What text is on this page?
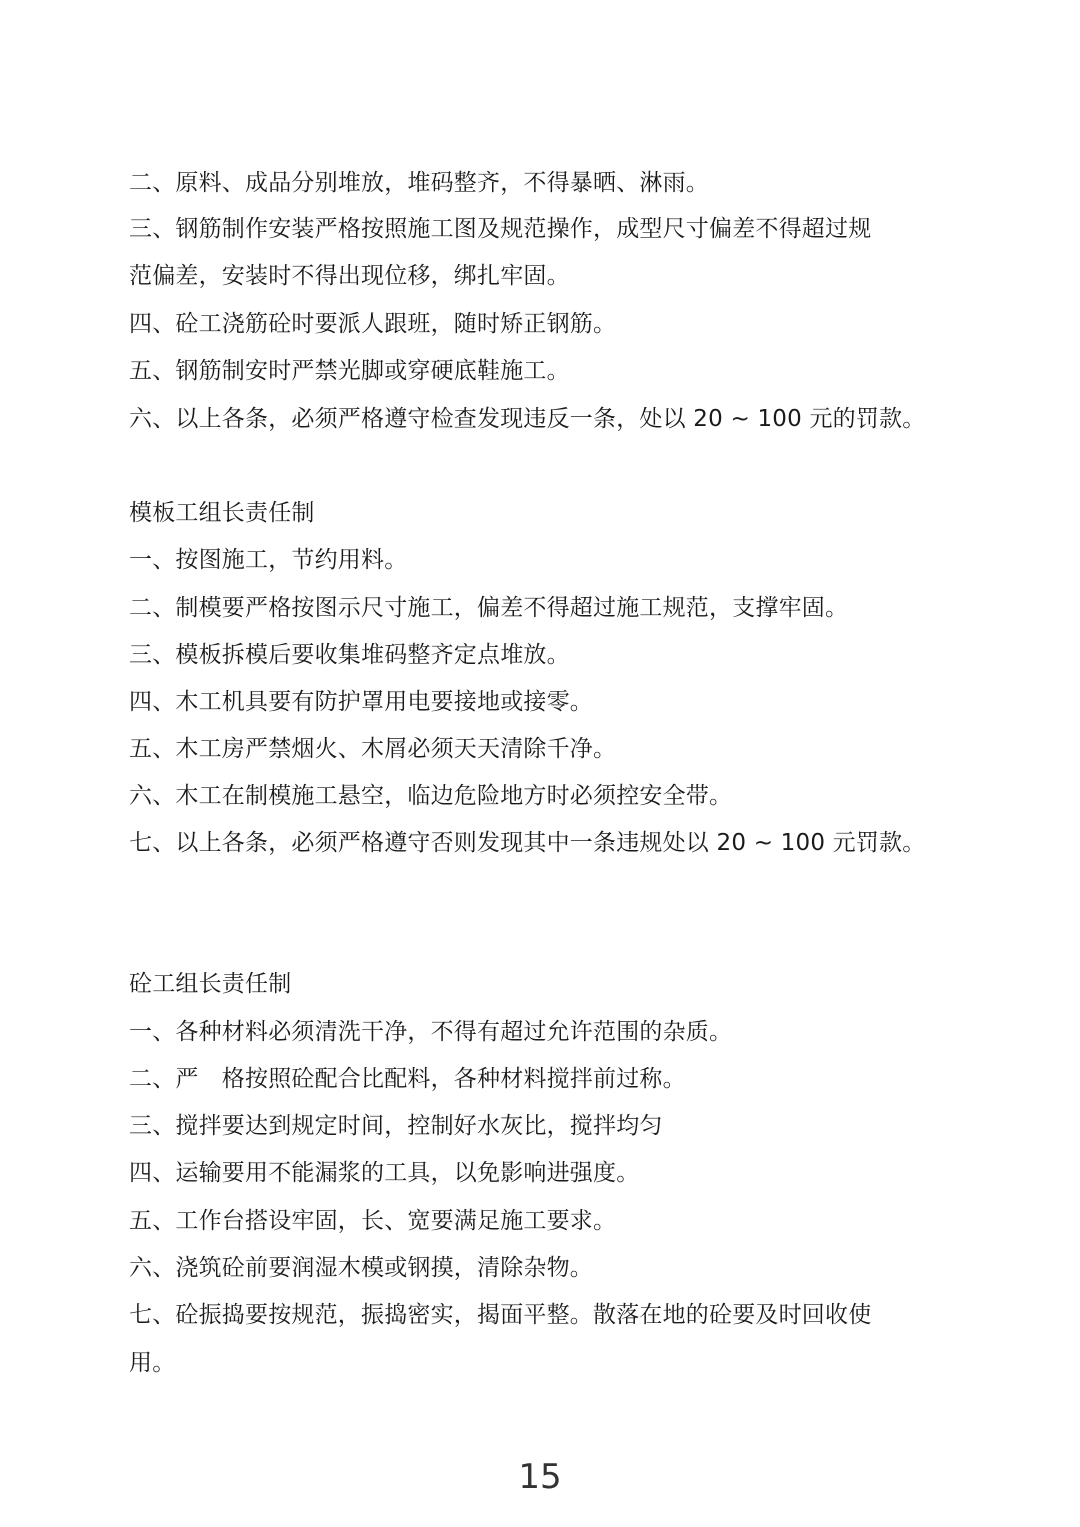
二、原料、成品分别堆放，堆码整齐，不得暴晒、淋雨。
三、钢筋制作安装严格按照施工图及规范操作，成型尺寸偏差不得超过规
范偏差，安装时不得出现位移，绑扎牢固。
四、砼工浇筋砼时要派人跟班，随时矫正钢筋。
五、钢筋制安时严禁光脚或穿硬底鞋施工。
六、以上各条，必须严格遵守检查发现违反一条，处以 20 ~ 100 元的罚款。
模板工组长责任制
一、按图施工，节约用料。
二、制模要严格按图示尺寸施工，偏差不得超过施工规范，支撑牢固。
三、模板拆模后要收集堆码整齐定点堆放。
四、木工机具要有防护罩用电要接地或接零。
五、木工房严禁烟火、木屑必须天天清除千净。
六、木工在制模施工悬空，临边危险地方时必须控安全带。
七、以上各条，必须严格遵守否则发现其中一条违规处以 20 ~ 100 元罚款。
砼工组长责任制
一、各种材料必须清洗干净，不得有超过允许范围的杂质。
二、严　格按照砼配合比配料，各种材料搅拌前过称。
三、搅拌要达到规定时间，控制好水灰比，搅拌均匀
四、运输要用不能漏浆的工具，以免影响进强度。
五、工作台搭设牢固，长、宽要满足施工要求。
六、浇筑砼前要润湿木模或钢摸，清除杂物。
七、砼振捣要按规范，振捣密实，揭面平整。散落在地的砼要及时回收使
用。
15
